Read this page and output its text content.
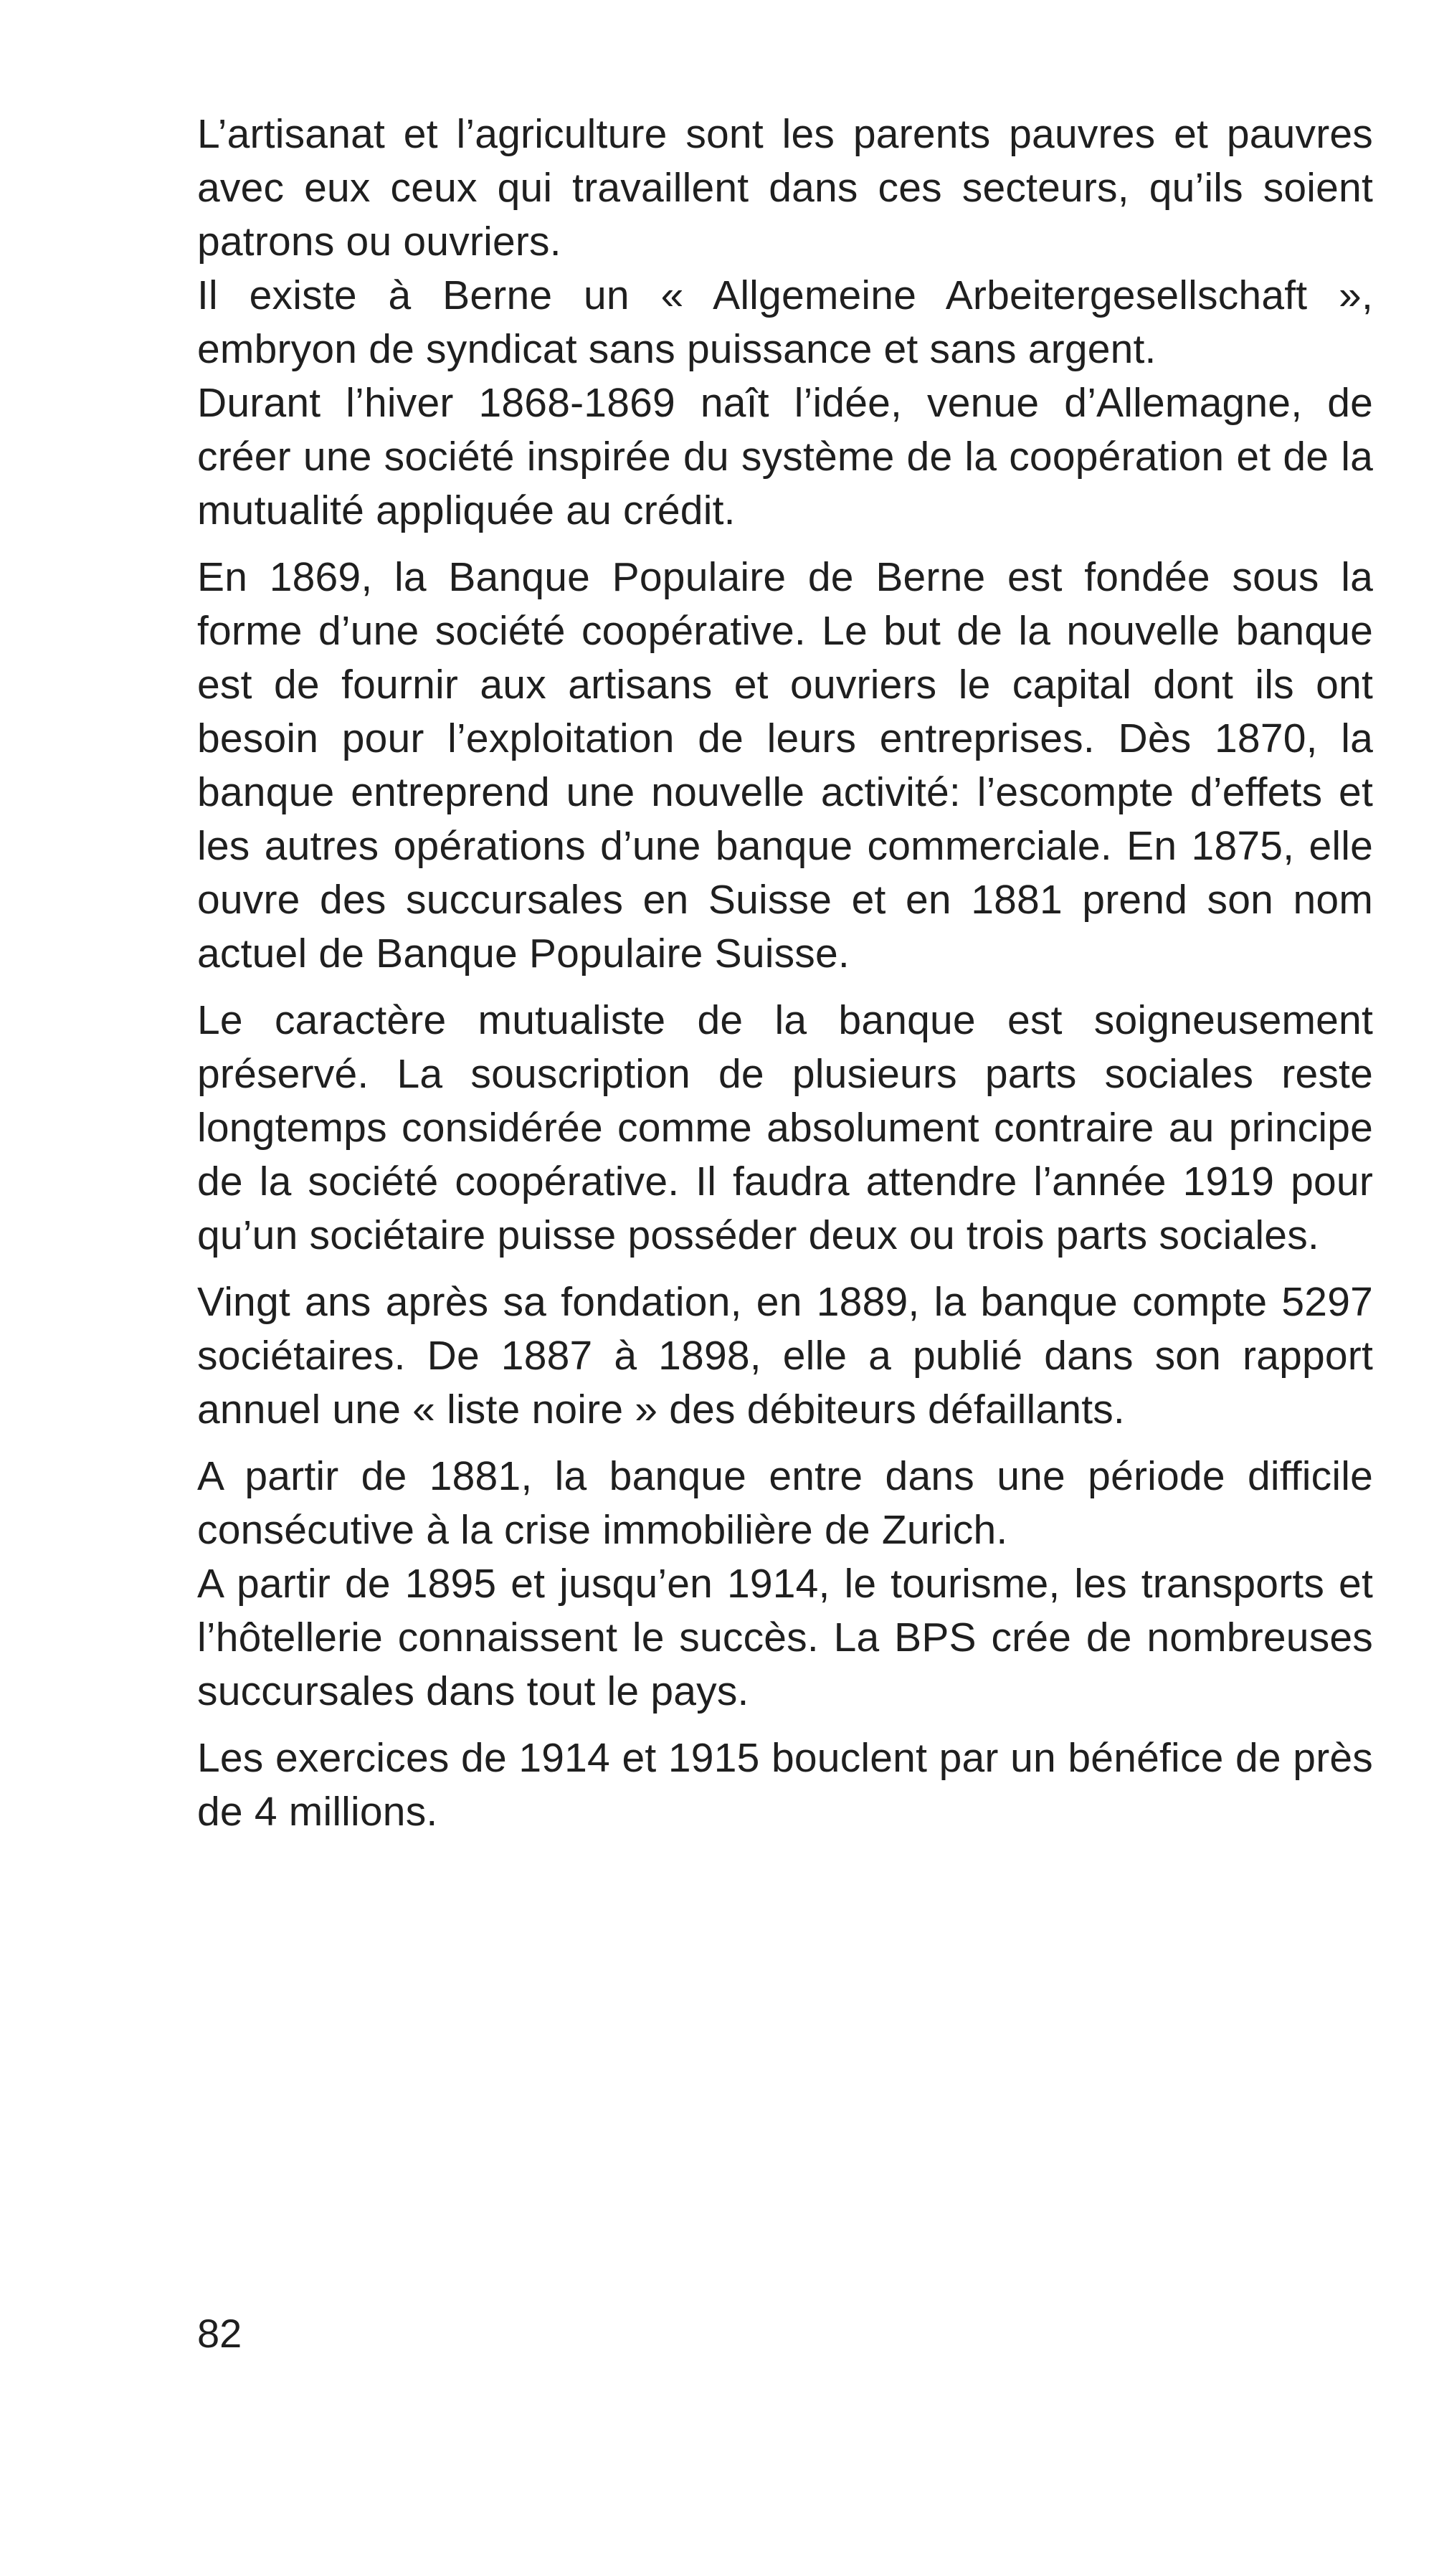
L’artisanat et l’agriculture sont les parents pauvres et pauvres avec eux ceux qui travaillent dans ces secteurs, qu’ils soient patrons ou ouvriers.

Il existe à Berne un « Allgemeine Arbeitergesellschaft », embryon de syndicat sans puissance et sans argent.

Durant l’hiver 1868-1869 naît l’idée, venue d’Allemagne, de créer une société inspirée du système de la coopération et de la mutualité appliquée au crédit.

En 1869, la Banque Populaire de Berne est fondée sous la forme d’une société coopérative. Le but de la nouvelle banque est de fournir aux artisans et ouvriers le capital dont ils ont besoin pour l’exploitation de leurs entreprises. Dès 1870, la banque entreprend une nouvelle activité: l’escompte d’effets et les autres opérations d’une banque commerciale. En 1875, elle ouvre des succursales en Suisse et en 1881 prend son nom actuel de Banque Populaire Suisse.

Le caractère mutualiste de la banque est soigneusement préservé. La souscription de plusieurs parts sociales reste longtemps considérée comme absolument contraire au principe de la société coopérative. Il faudra attendre l’année 1919 pour qu’un sociétaire puisse posséder deux ou trois parts sociales.

Vingt ans après sa fondation, en 1889, la banque compte 5297 sociétaires. De 1887 à 1898, elle a publié dans son rapport annuel une « liste noire » des débiteurs défaillants.

A partir de 1881, la banque entre dans une période difficile consécutive à la crise immobilière de Zurich.

A partir de 1895 et jusqu’en 1914, le tourisme, les transports et l’hôtellerie connaissent le succès. La BPS crée de nombreuses succursales dans tout le pays.

Les exercices de 1914 et 1915 bouclent par un bénéfice de près de 4 millions.

82
